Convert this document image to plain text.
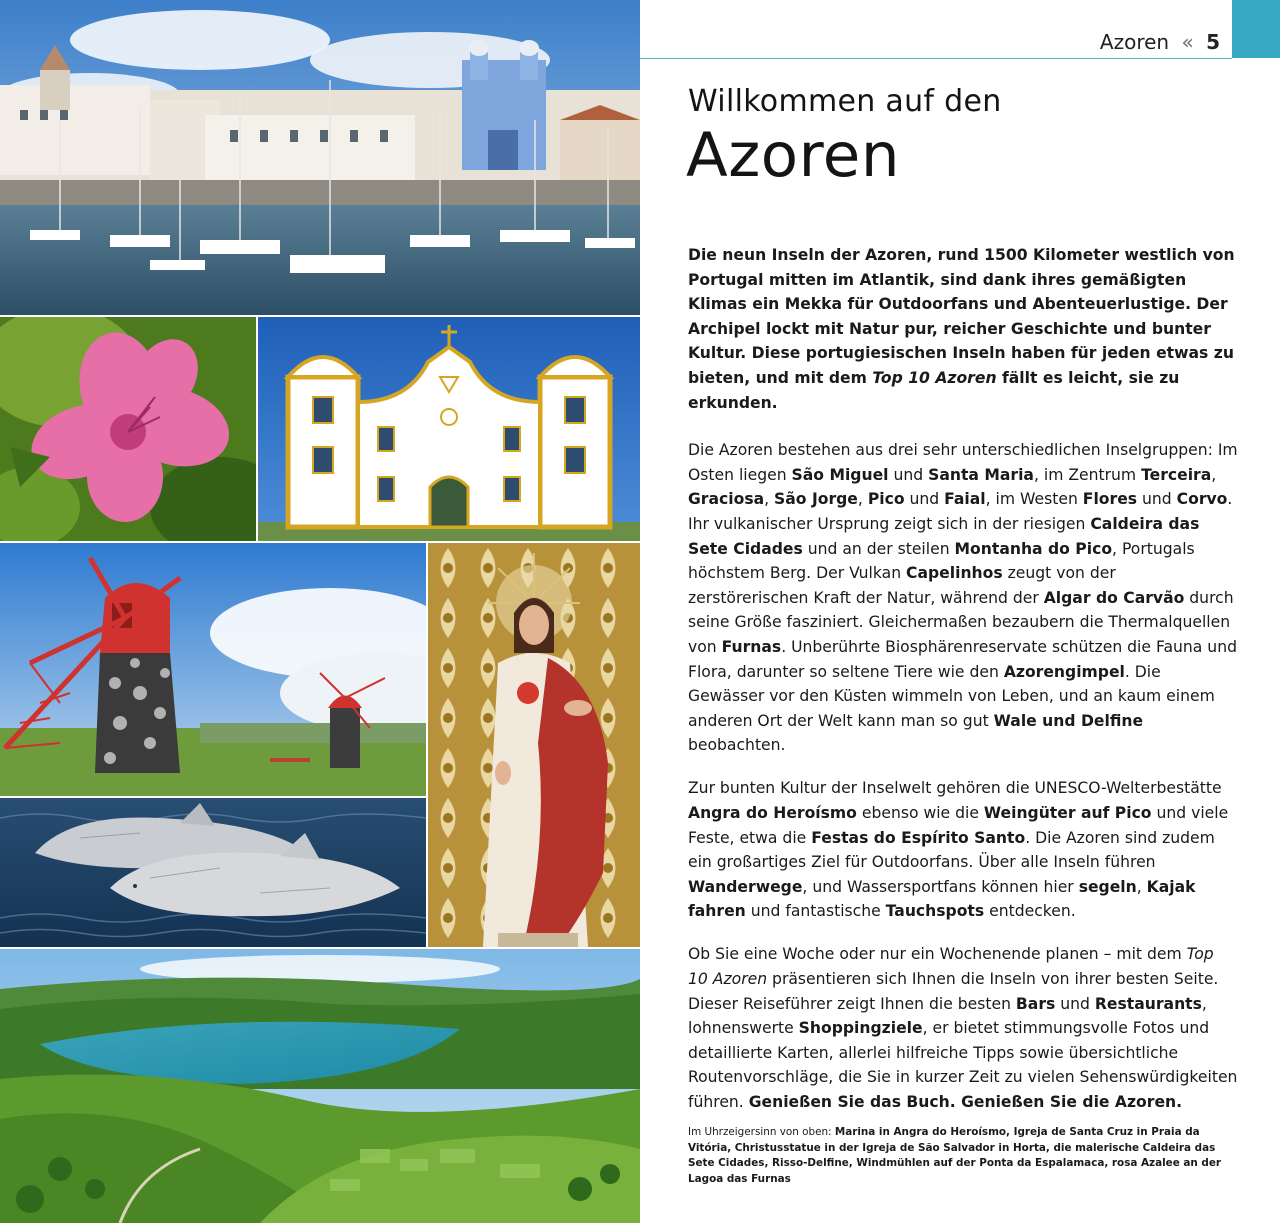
Azoren « 5
Willkommen auf den
Azoren

Die neun Inseln der Azoren, rund 1500 Kilometer westlich von Portugal mitten im Atlantik, sind dank ihres gemäßigten Klimas ein Mekka für Outdoorfans und Abenteuerlustige. Der Archipel lockt mit Natur pur, reicher Geschichte und bunter Kultur. Diese portugiesischen Inseln haben für jeden etwas zu bieten, und mit dem Top 10 Azoren fällt es leicht, sie zu erkunden.

Die Azoren bestehen aus drei sehr unterschiedlichen Inselgruppen: Im Osten liegen São Miguel und Santa Maria, im Zentrum Terceira, Graciosa, São Jorge, Pico und Faial, im Westen Flores und Corvo. Ihr vulkanischer Ursprung zeigt sich in der riesigen Caldeira das Sete Cidades und an der steilen Montanha do Pico, Portugals höchstem Berg. Der Vulkan Capelinhos zeugt von der zerstörerischen Kraft der Natur, während der Algar do Carvão durch seine Größe fasziniert. Gleichermaßen bezaubern die Thermalquellen von Furnas. Unberührte Biosphärenreservate schützen die Fauna und Flora, darunter so seltene Tiere wie den Azorengimpel. Die Gewässer vor den Küsten wimmeln von Leben, und an kaum einem anderen Ort der Welt kann man so gut Wale und Delfine beobachten.

Zur bunten Kultur der Inselwelt gehören die UNESCO-Welterbestätte Angra do Heroísmo ebenso wie die Weingüter auf Pico und viele Feste, etwa die Festas do Espírito Santo. Die Azoren sind zudem ein großartiges Ziel für Outdoorfans. Über alle Inseln führen Wanderwege, und Wassersportfans können hier segeln, Kajak fahren und fantastische Tauchspots entdecken.

Ob Sie eine Woche oder nur ein Wochenende planen – mit dem Top 10 Azoren präsentieren sich Ihnen die Inseln von ihrer besten Seite. Dieser Reiseführer zeigt Ihnen die besten Bars und Restaurants, lohnenswerte Shoppingziele, er bietet stimmungsvolle Fotos und detaillierte Karten, allerlei hilfreiche Tipps sowie übersichtliche Routenvorschläge, die Sie in kurzer Zeit zu vielen Sehenswürdigkeiten führen. Genießen Sie das Buch. Genießen Sie die Azoren.

Im Uhrzeigersinn von oben: Marina in Angra do Heroísmo, Igreja de Santa Cruz in Praia da Vitória, Christusstatue in der Igreja de São Salvador in Horta, die malerische Caldeira das Sete Cidades, Risso-Delfine, Windmühlen auf der Ponta da Espalamaca, rosa Azalee an der Lagoa das Furnas
